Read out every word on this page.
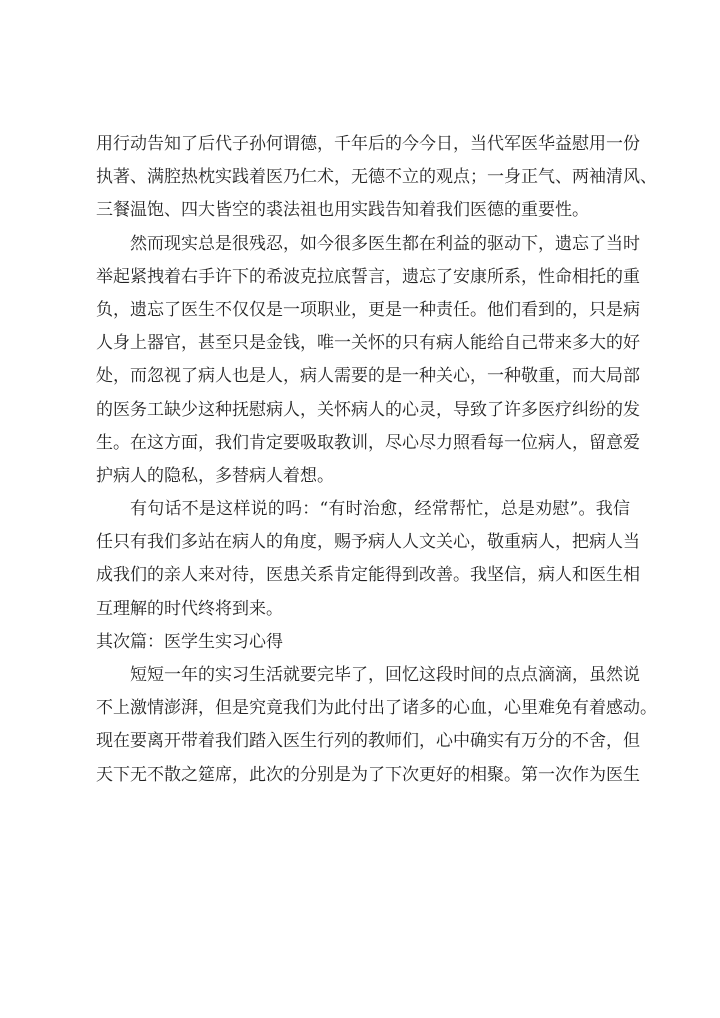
用行动告知了后代子孙何谓德，千年后的今今日，当代军医华益慰用一份
执著、满腔热枕实践着医乃仁术，无德不立的观点；一身正气、两袖清风、
三餐温饱、四大皆空的裘法祖也用实践告知着我们医德的重要性。
然而现实总是很残忍，如今很多医生都在利益的驱动下，遗忘了当时
举起紧拽着右手许下的希波克拉底誓言，遗忘了安康所系，性命相托的重
负，遗忘了医生不仅仅是一项职业，更是一种责任。他们看到的，只是病
人身上器官，甚至只是金钱，唯一关怀的只有病人能给自己带来多大的好
处，而忽视了病人也是人，病人需要的是一种关心，一种敬重，而大局部
的医务工缺少这种抚慰病人，关怀病人的心灵，导致了许多医疗纠纷的发
生。在这方面，我们肯定要吸取教训，尽心尽力照看每一位病人，留意爱
护病人的隐私，多替病人着想。
有句话不是这样说的吗：“有时治愈，经常帮忙，总是劝慰”。我信
任只有我们多站在病人的角度，赐予病人人文关心，敬重病人，把病人当
成我们的亲人来对待，医患关系肯定能得到改善。我坚信，病人和医生相
互理解的时代终将到来。
其次篇：医学生实习心得
短短一年的实习生活就要完毕了，回忆这段时间的点点滴滴，虽然说
不上激情澎湃，但是究竟我们为此付出了诸多的心血，心里难免有着感动。
现在要离开带着我们踏入医生行列的教师们，心中确实有万分的不舍，但
天下无不散之筵席，此次的分别是为了下次更好的相聚。第一次作为医生
